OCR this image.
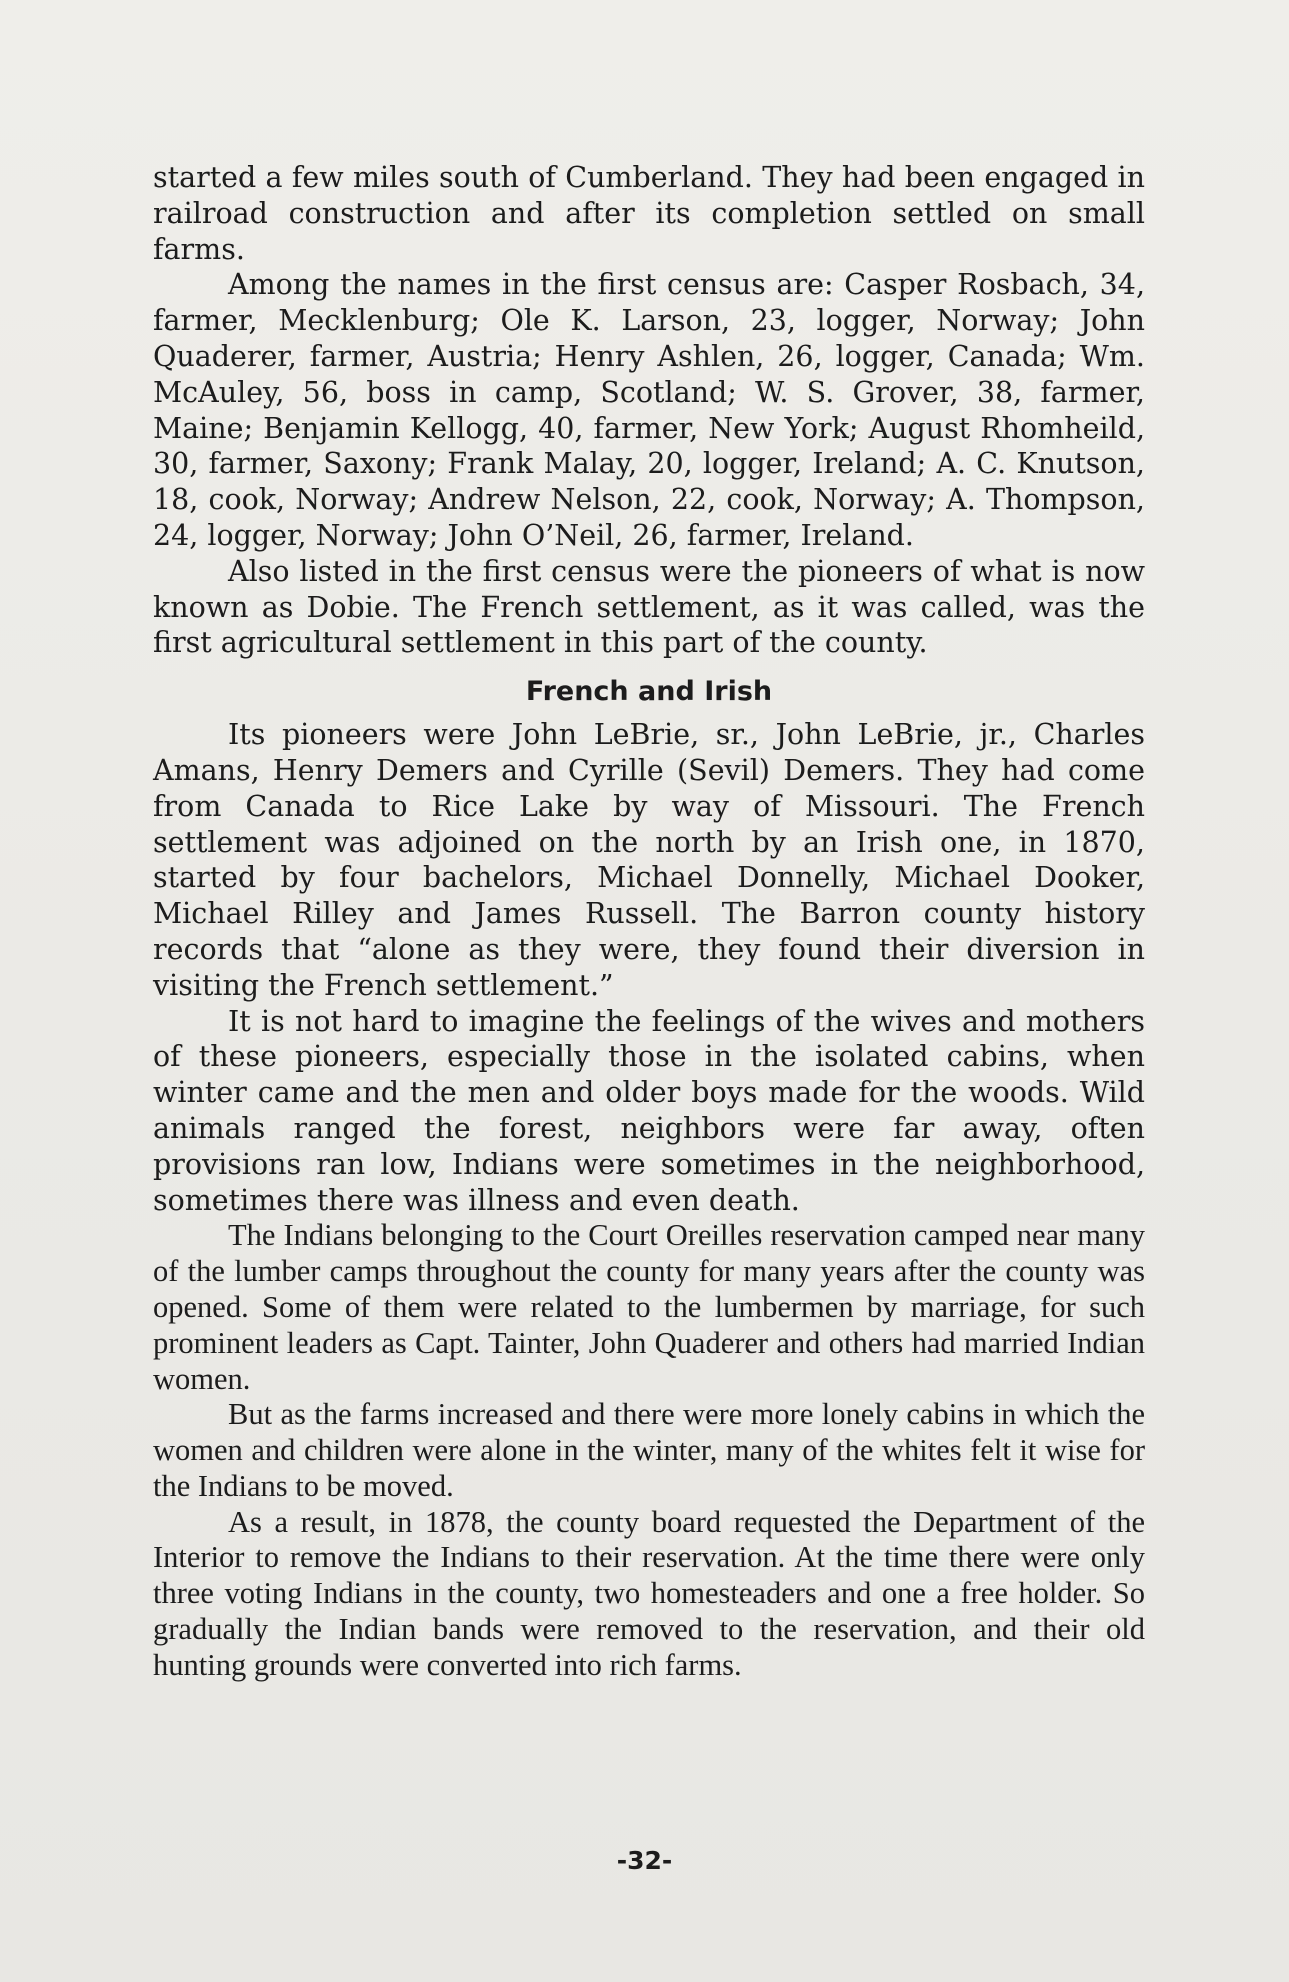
started a few miles south of Cumberland. They had been engaged in railroad construction and after its completion settled on small farms.

Among the names in the first census are: Casper Rosbach, 34, farmer, Mecklenburg; Ole K. Larson, 23, logger, Norway; John Quaderer, farmer, Austria; Henry Ashlen, 26, logger, Canada; Wm. McAuley, 56, boss in camp, Scotland; W. S. Grover, 38, farmer, Maine; Benjamin Kellogg, 40, farmer, New York; August Rhomheild, 30, farmer, Saxony; Frank Malay, 20, logger, Ireland; A. C. Knutson, 18, cook, Norway; Andrew Nelson, 22, cook, Norway; A. Thompson, 24, logger, Norway; John O’Neil, 26, farmer, Ireland.

Also listed in the first census were the pioneers of what is now known as Dobie. The French settlement, as it was called, was the first agricultural settlement in this part of the county.

French and Irish

Its pioneers were John LeBrie, sr., John LeBrie, jr., Charles Amans, Henry Demers and Cyrille (Sevil) Demers. They had come from Canada to Rice Lake by way of Missouri. The French settlement was adjoined on the north by an Irish one, in 1870, started by four bachelors, Michael Donnelly, Michael Dooker, Michael Rilley and James Russell. The Barron county history records that “alone as they were, they found their diversion in visiting the French settlement.”

It is not hard to imagine the feelings of the wives and mothers of these pioneers, especially those in the isolated cabins, when winter came and the men and older boys made for the woods. Wild animals ranged the forest, neighbors were far away, often provisions ran low, Indians were sometimes in the neighborhood, sometimes there was illness and even death.

The Indians belonging to the Court Oreilles reservation camped near many of the lumber camps throughout the county for many years after the county was opened. Some of them were related to the lumbermen by marriage, for such prominent leaders as Capt. Tainter, John Quaderer and others had married Indian women.

But as the farms increased and there were more lonely cabins in which the women and children were alone in the winter, many of the whites felt it wise for the Indians to be moved.

As a result, in 1878, the county board requested the Department of the Interior to remove the Indians to their reservation. At the time there were only three voting Indians in the county, two homesteaders and one a free holder. So gradually the Indian bands were removed to the reservation, and their old hunting grounds were converted into rich farms.

-32-
